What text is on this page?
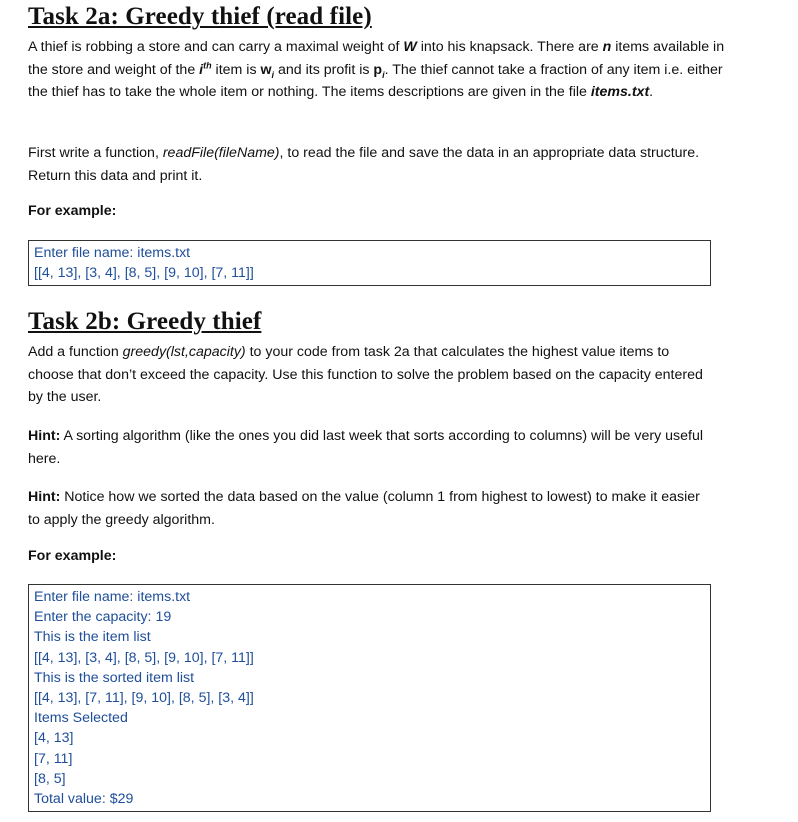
Task 2a: Greedy thief (read file)

A thief is robbing a store and can carry a maximal weight of W into his knapsack. There are n items available in the store and weight of the $i^{th}$ item is $w_i$ and its profit is $p_i$. The thief cannot take a fraction of any item i.e. either the thief has to take the whole item or nothing. The items descriptions are given in the file items.txt.

First write a function, readFile(fileName), to read the file and save the data in an appropriate data structure. Return this data and print it.

For example:

Enter file name: items.txt
[[4, 13], [3, 4], [8, 5], [9, 10], [7, 11]]
Task 2b: Greedy thief

Add a function greedy(lst,capacity) to your code from task 2a that calculates the highest value items to choose that don’t exceed the capacity. Use this function to solve the problem based on the capacity entered by the user.

Hint: A sorting algorithm (like the ones you did last week that sorts according to columns) will be very useful here.

Hint: Notice how we sorted the data based on the value (column 1 from highest to lowest) to make it easier to apply the greedy algorithm.

For example:

Enter file name: items.txt
Enter the capacity: 19
This is the item list
[[4, 13], [3, 4], [8, 5], [9, 10], [7, 11]]
This is the sorted item list
[[4, 13], [7, 11], [9, 10], [8, 5], [3, 4]]
Items Selected
[4, 13]
[7, 11]
[8, 5]
Total value: $29
